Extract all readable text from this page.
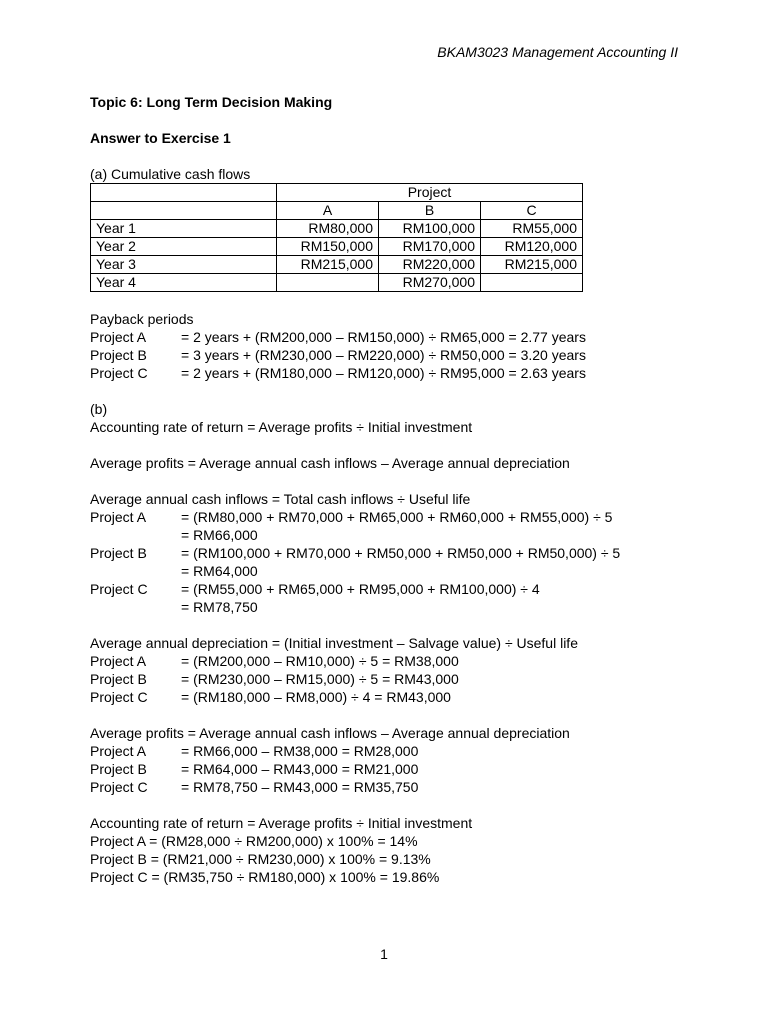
BKAM3023 Management Accounting II
Topic 6: Long Term Decision Making
Answer to Exercise 1
(a) Cumulative cash flows
	Project		
	A	B	C
Year 1	RM80,000	RM100,000	RM55,000
Year 2	RM150,000	RM170,000	RM120,000
Year 3	RM215,000	RM220,000	RM215,000
Year 4		RM270,000	
Payback periods
Project A	= 2 years + (RM200,000 – RM150,000) ÷ RM65,000 = 2.77 years
Project B	= 3 years + (RM230,000 – RM220,000) ÷ RM50,000 = 3.20 years
Project C	= 2 years + (RM180,000 – RM120,000) ÷ RM95,000 = 2.63 years
(b)
Accounting rate of return = Average profits ÷ Initial investment
Average profits = Average annual cash inflows – Average annual depreciation
Average annual cash inflows = Total cash inflows ÷ Useful life
Project A	= (RM80,000 + RM70,000 + RM65,000 + RM60,000 + RM55,000) ÷ 5
= RM66,000
Project B	= (RM100,000 + RM70,000 + RM50,000 + RM50,000 + RM50,000) ÷ 5
= RM64,000
Project C	= (RM55,000 + RM65,000 + RM95,000 + RM100,000) ÷ 4
= RM78,750
Average annual depreciation = (Initial investment – Salvage value) ÷ Useful life
Project A	= (RM200,000 – RM10,000) ÷ 5 = RM38,000
Project B	= (RM230,000 – RM15,000) ÷ 5 = RM43,000
Project C	= (RM180,000 – RM8,000) ÷ 4 = RM43,000
Average profits = Average annual cash inflows – Average annual depreciation
Project A	= RM66,000 – RM38,000 = RM28,000
Project B	= RM64,000 – RM43,000 = RM21,000
Project C	= RM78,750 – RM43,000 = RM35,750
Accounting rate of return = Average profits ÷ Initial investment
Project A = (RM28,000 ÷ RM200,000) x 100% = 14%
Project B = (RM21,000 ÷ RM230,000) x 100% = 9.13%
Project C = (RM35,750 ÷ RM180,000) x 100% = 19.86%
1
